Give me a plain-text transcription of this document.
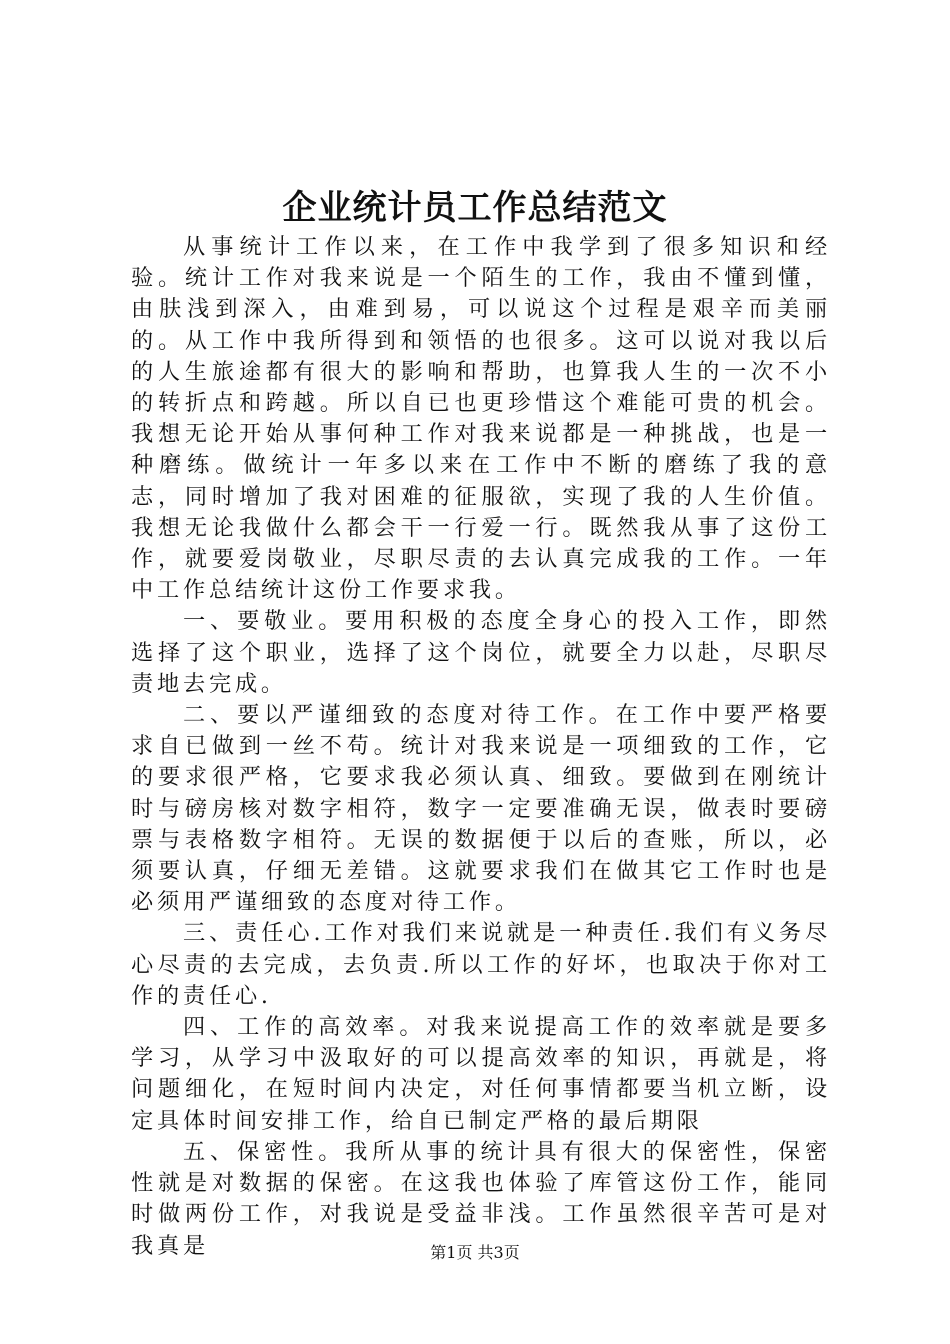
企业统计员工作总结范文

从事统计工作以来，在工作中我学到了很多知识和经验。统计工作对我来说是一个陌生的工作，我由不懂到懂，由肤浅到深入，由难到易，可以说这个过程是艰辛而美丽的。从工作中我所得到和领悟的也很多。这可以说对我以后的人生旅途都有很大的影响和帮助，也算我人生的一次不小的转折点和跨越。所以自已也更珍惜这个难能可贵的机会。我想无论开始从事何种工作对我来说都是一种挑战，也是一种磨练。做统计一年多以来在工作中不断的磨练了我的意志，同时增加了我对困难的征服欲，实现了我的人生价值。我想无论我做什么都会干一行爱一行。既然我从事了这份工作，就要爱岗敬业，尽职尽责的去认真完成我的工作。一年中工作总结统计这份工作要求我。

一、要敬业。要用积极的态度全身心的投入工作，即然选择了这个职业，选择了这个岗位，就要全力以赴，尽职尽责地去完成。

二、要以严谨细致的态度对待工作。在工作中要严格要求自已做到一丝不苟。统计对我来说是一项细致的工作，它的要求很严格，它要求我必须认真、细致。要做到在刚统计时与磅房核对数字相符，数字一定要准确无误，做表时要磅票与表格数字相符。无误的数据便于以后的查账，所以，必须要认真，仔细无差错。这就要求我们在做其它工作时也是必须用严谨细致的态度对待工作。

三、责任心.工作对我们来说就是一种责任.我们有义务尽心尽责的去完成，去负责.所以工作的好坏，也取决于你对工作的责任心.

四、工作的高效率。对我来说提高工作的效率就是要多学习，从学习中汲取好的可以提高效率的知识，再就是，将问题细化，在短时间内决定，对任何事情都要当机立断，设定具体时间安排工作，给自已制定严格的最后期限

五、保密性。我所从事的统计具有很大的保密性，保密性就是对数据的保密。在这我也体验了库管这份工作，能同时做两份工作，对我说是受益非浅。工作虽然很辛苦可是对我真是	第1页 共3页
